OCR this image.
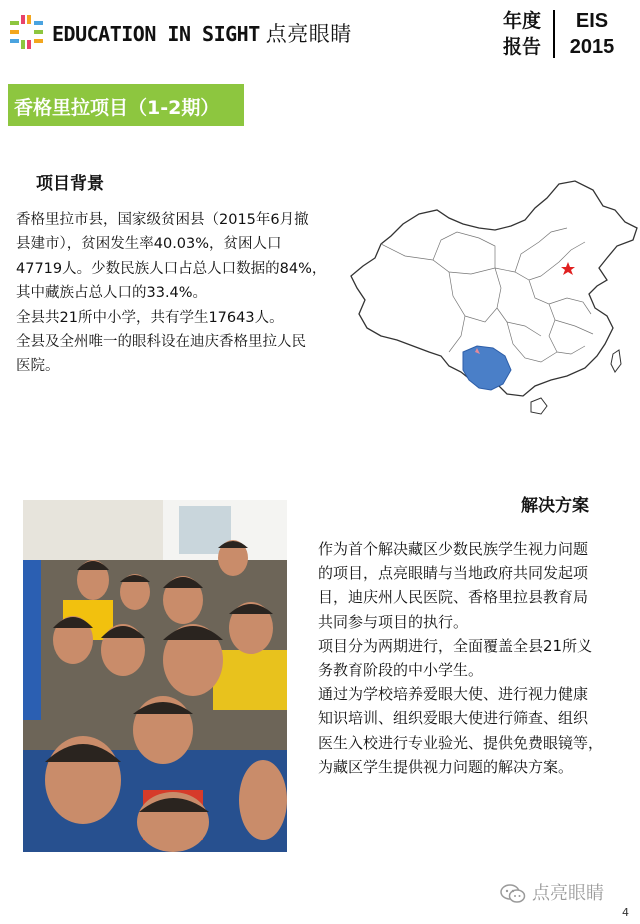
EDUCATION IN SIGHT 点亮眼睛
年度
报告
EIS
2015
香格里拉项目（1-2期）
项目背景

香格里拉市县，国家级贫困县（2015年6月撤

县建市），贫困发生率40.03%，贫困人口

47719人。少数民族人口占总人口数据的84%，

其中藏族占总人口的33.4%。

全县共21所中小学，共有学生17643人。

全县及全州唯一的眼科设在迪庆香格里拉人民

医院。

解决方案

作为首个解决藏区少数民族学生视力问题

的项目，点亮眼睛与当地政府共同发起项

目，迪庆州人民医院、香格里拉县教育局

共同参与项目的执行。

项目分为两期进行，全面覆盖全县21所义

务教育阶段的中小学生。

通过为学校培养爱眼大使、进行视力健康

知识培训、组织爱眼大使进行筛查、组织

医生入校进行专业验光、提供免费眼镜等，

为藏区学生提供视力问题的解决方案。

点亮眼睛
4
